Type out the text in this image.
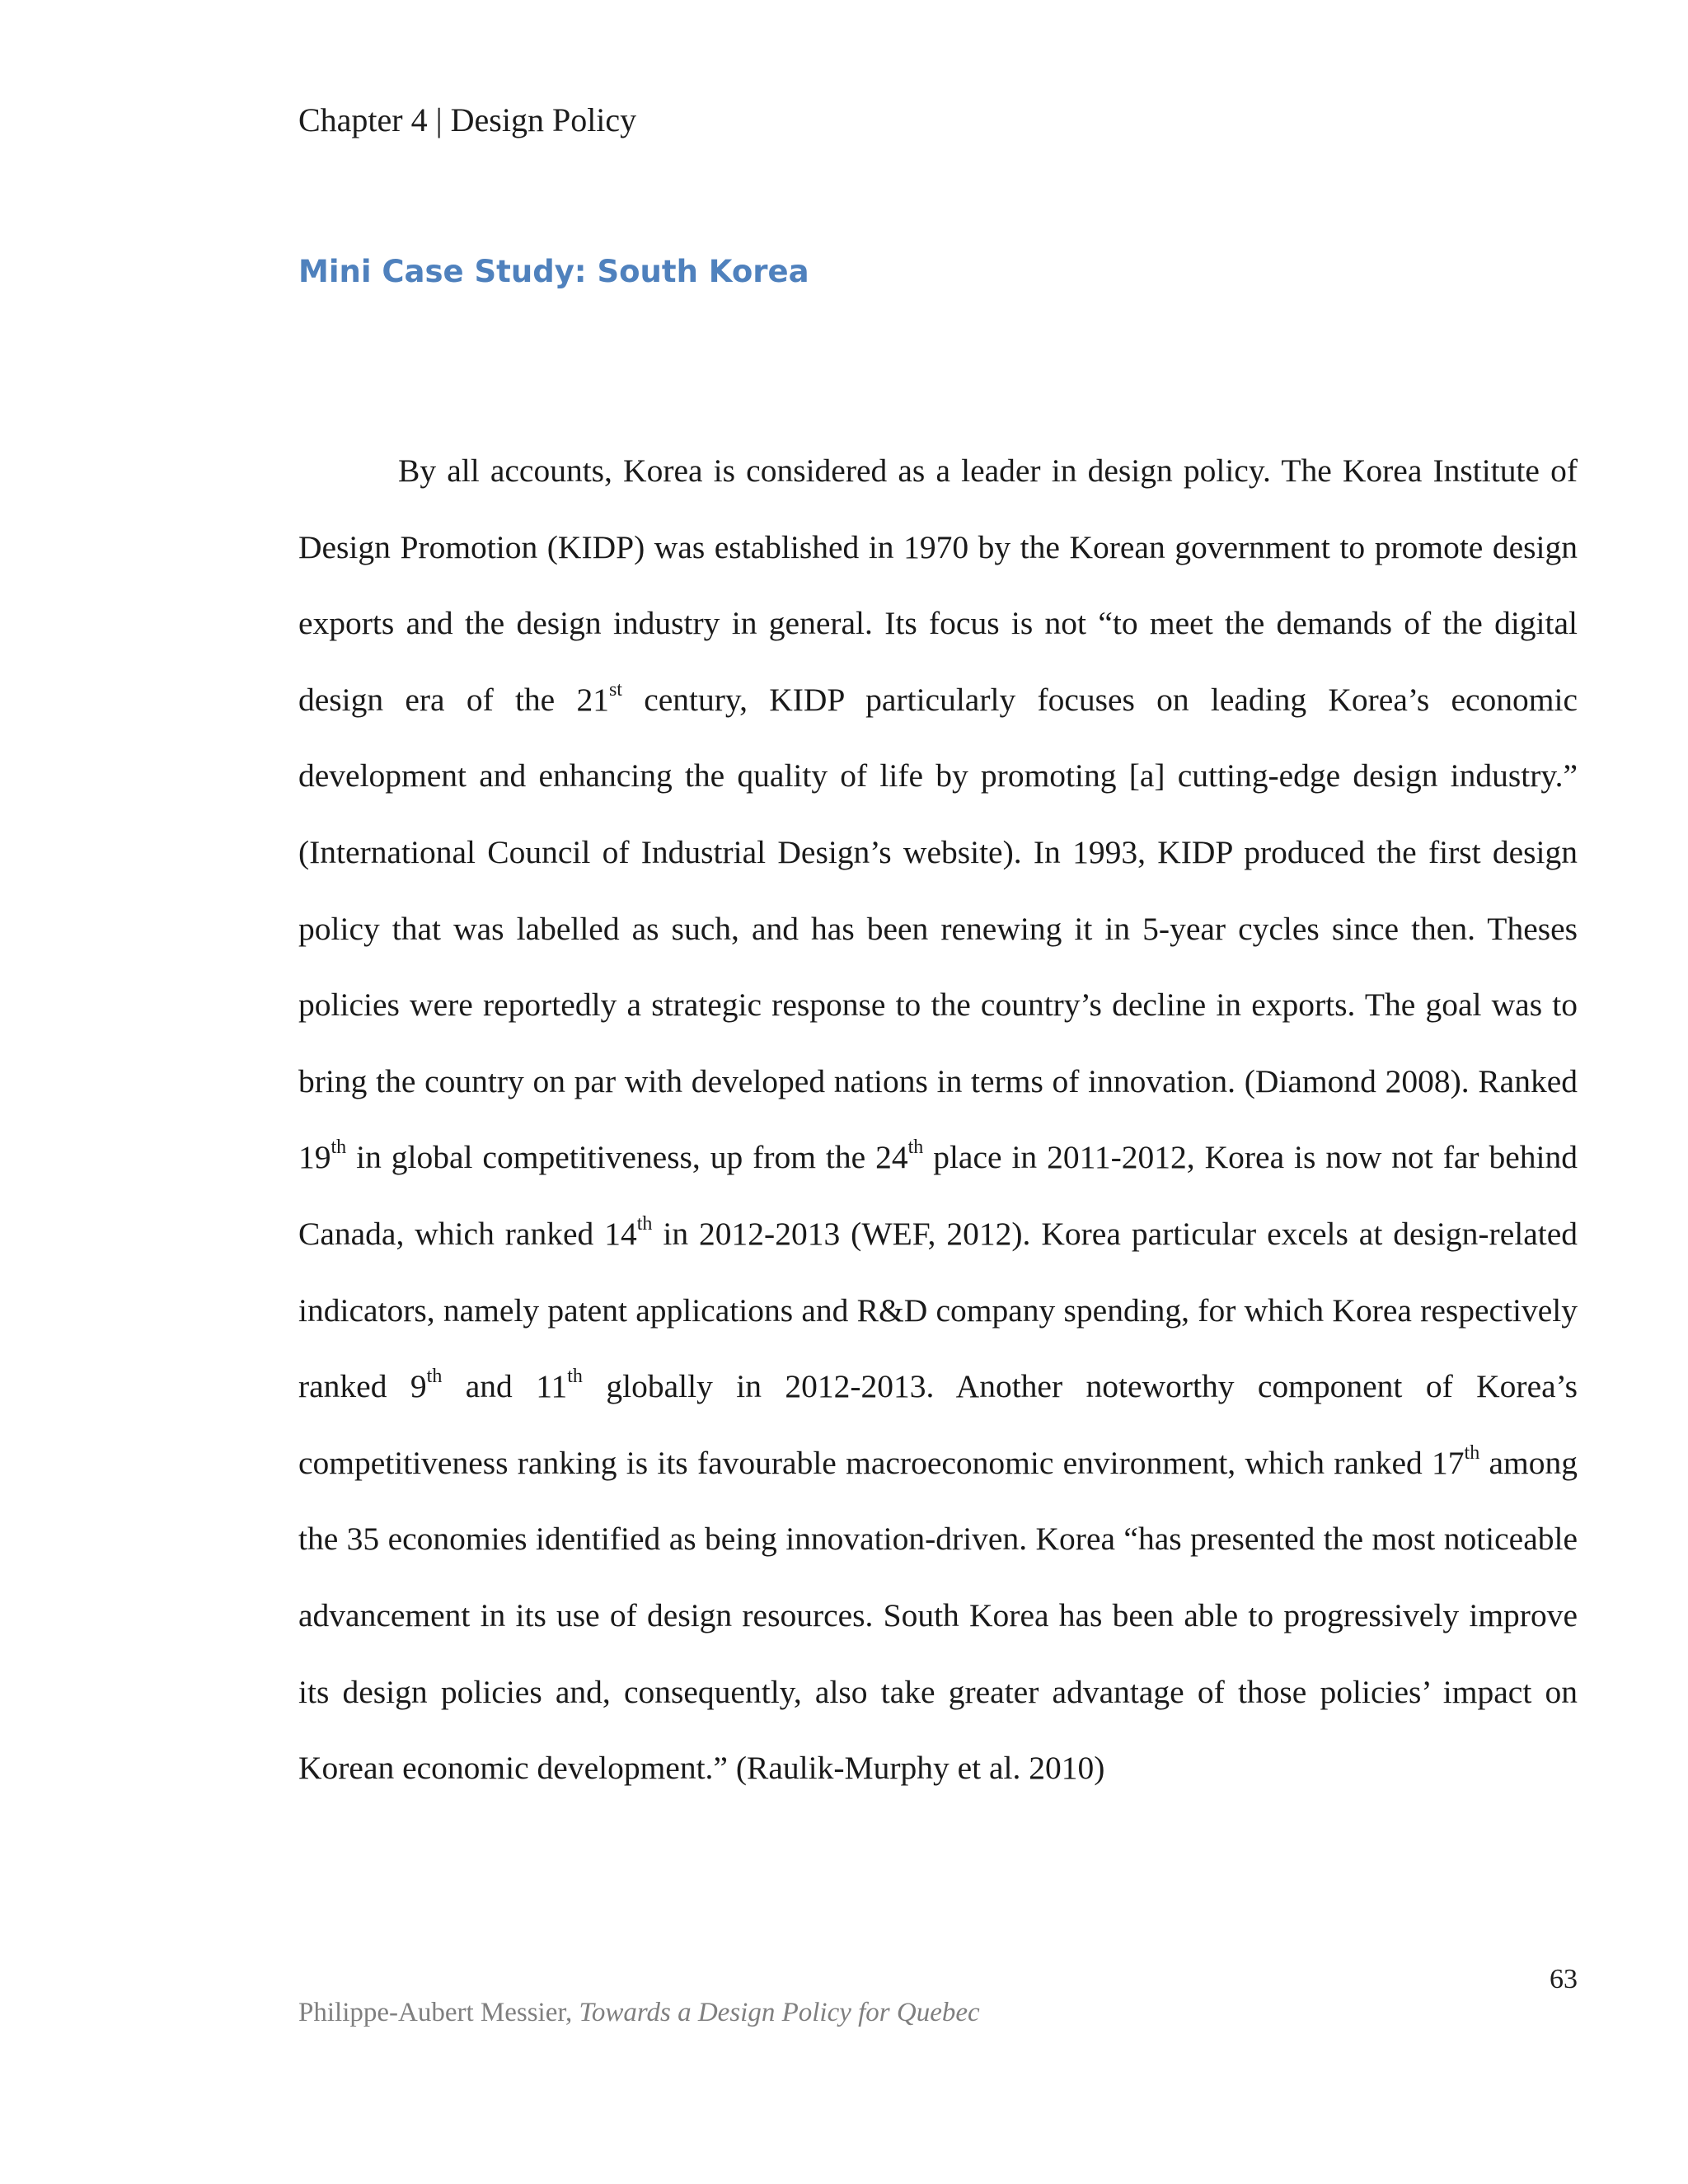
Chapter 4 | Design Policy
Mini Case Study: South Korea

By all accounts, Korea is considered as a leader in design policy. The Korea Institute of Design Promotion (KIDP) was established in 1970 by the Korean government to promote design exports and the design industry in general. Its focus is not “to meet the demands of the digital design era of the 21st century, KIDP particularly focuses on leading Korea’s economic development and enhancing the quality of life by promoting [a] cutting-edge design industry.” (International Council of Industrial Design’s website). In 1993, KIDP produced the first design policy that was labelled as such, and has been renewing it in 5-year cycles since then. Theses policies were reportedly a strategic response to the country’s decline in exports. The goal was to bring the country on par with developed nations in terms of innovation. (Diamond 2008). Ranked 19th in global competitiveness, up from the 24th place in 2011-2012, Korea is now not far behind Canada, which ranked 14th in 2012-2013 (WEF, 2012). Korea particular excels at design-related indicators, namely patent applications and R&D company spending, for which Korea respectively ranked 9th and 11th globally in 2012-2013. Another noteworthy component of Korea’s competitiveness ranking is its favourable macroeconomic environment, which ranked 17th among the 35 economies identified as being innovation-driven. Korea “has presented the most noticeable advancement in its use of design resources. South Korea has been able to progressively improve its design policies and, consequently, also take greater advantage of those policies’ impact on Korean economic development.” (Raulik-Murphy et al. 2010)

63
Philippe-Aubert Messier, Towards a Design Policy for Quebec
